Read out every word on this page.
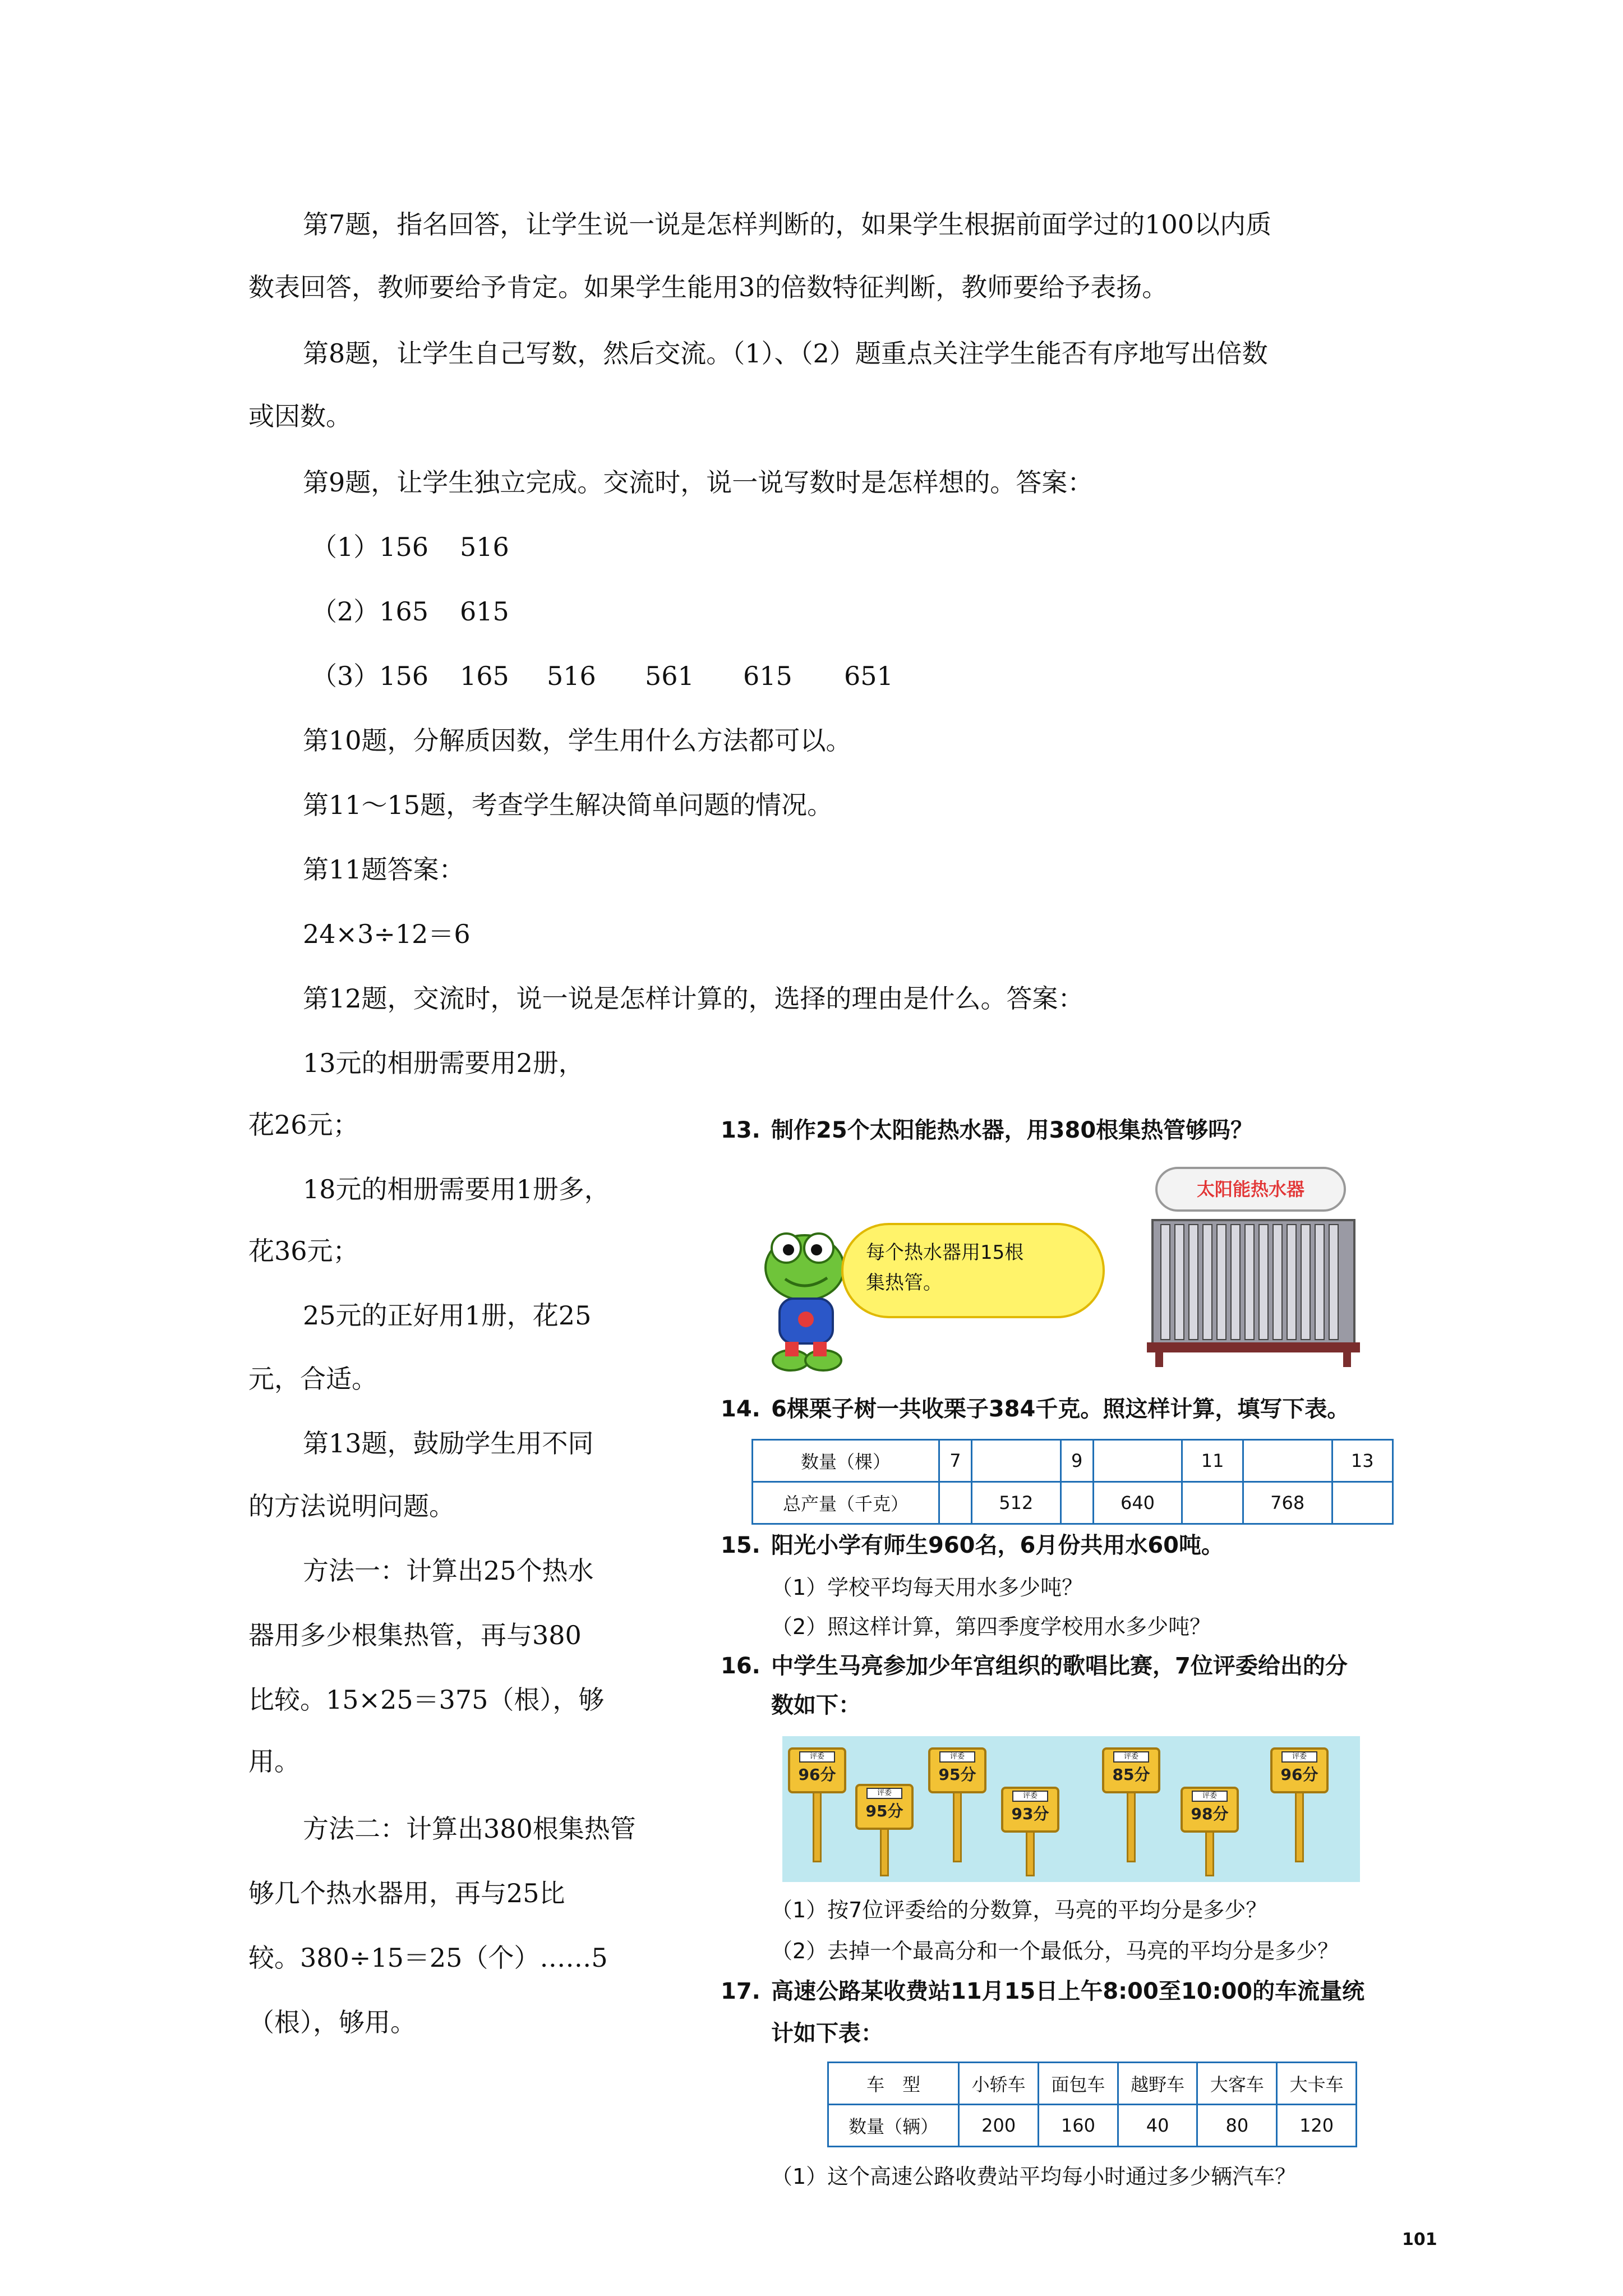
第7题，指名回答，让学生说一说是怎样判断的，如果学生根据前面学过的100以内质
数表回答，教师要给予肯定。如果学生能用3的倍数特征判断，教师要给予表扬。
第8题，让学生自己写数，然后交流。（1）、（2）题重点关注学生能否有序地写出倍数
或因数。
第9题，让学生独立完成。交流时，说一说写数时是怎样想的。答案：
（1）156 516
（2）165 615
（3）156 165 516 561 615 651
第10题，分解质因数，学生用什么方法都可以。
第11～15题，考查学生解决简单问题的情况。
第11题答案：
24×3÷12＝6
第12题，交流时，说一说是怎样计算的，选择的理由是什么。答案：
13元的相册需要用2册，
花26元；
18元的相册需要用1册多，
花36元；
25元的正好用1册，花25
元，合适。
第13题，鼓励学生用不同
的方法说明问题。
方法一：计算出25个热水
器用多少根集热管，再与380
比较。15×25＝375（根），够
用。
方法二：计算出380根集热管
够几个热水器用，再与25比
较。380÷15＝25（个）……5
（根），够用。
13. 制作25个太阳能热水器，用380根集热管够吗？
每个热水器用15根
集热管。
太阳能热水器
14. 6棵栗子树一共收栗子384千克。照这样计算，填写下表。
数量（棵）	7		9		11		13
总产量（千克）		512		640		768	
15. 阳光小学有师生960名，6月份共用水60吨。
（1）学校平均每天用水多少吨？
（2）照这样计算，第四季度学校用水多少吨？
16. 中学生马亮参加少年宫组织的歌唱比赛，7位评委给出的分
数如下：
评委
96分
评委
95分
评委
95分
评委
93分
评委
85分
评委
98分
评委
96分
（1）按7位评委给的分数算，马亮的平均分是多少？
（2）去掉一个最高分和一个最低分，马亮的平均分是多少？
17. 高速公路某收费站11月15日上午8:00至10:00的车流量统
计如下表：
车　型	小轿车	面包车	越野车	大客车	大卡车
数量（辆）	200	160	40	80	120
（1）这个高速公路收费站平均每小时通过多少辆汽车？
101
